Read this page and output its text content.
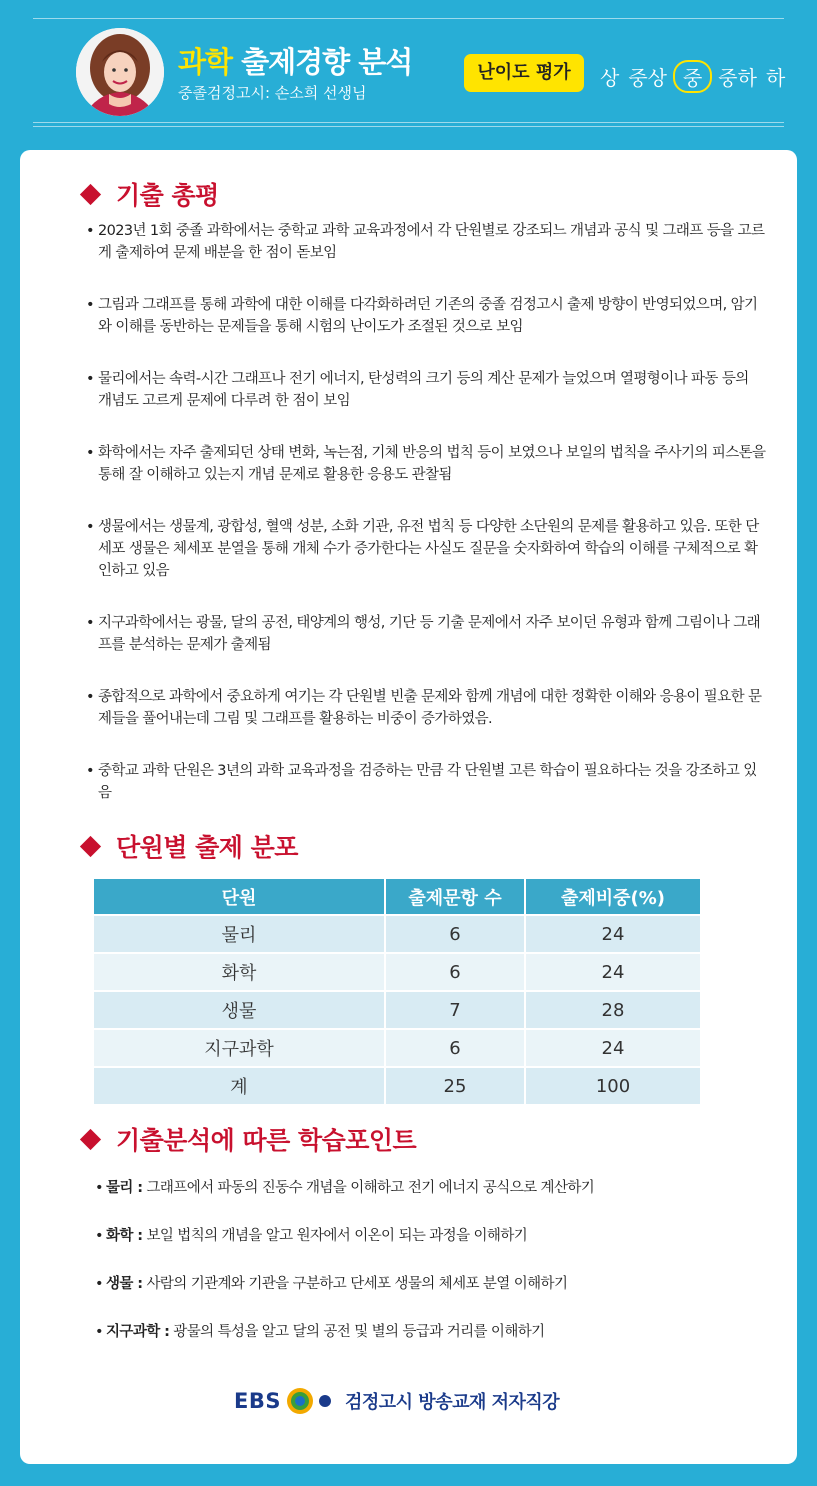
과학 출제경향 분석
중졸검정고시: 손소희 선생님
난이도 평가	상 중상 중 중하 하
기출 총평
• 2023년 1회 중졸 과학에서는 중학교 과학 교육과정에서 각 단원별로 강조되느 개념과 공식 및 그래프 등을 고르게 출제하여 문제 배분을 한 점이 돋보임
• 그림과 그래프를 통해 과학에 대한 이해를 다각화하려던 기존의 중졸 검정고시 출제 방향이 반영되었으며, 암기와 이해를 동반하는 문제들을 통해 시험의 난이도가 조절된 것으로 보임
• 물리에서는 속력-시간 그래프나 전기 에너지, 탄성력의 크기 등의 계산 문제가 늘었으며 열평형이나 파동 등의 개념도 고르게 문제에 다루려 한 점이 보임
• 화학에서는 자주 출제되던 상태 변화, 녹는점, 기체 반응의 법칙 등이 보였으나 보일의 법칙을 주사기의 피스톤을 통해 잘 이해하고 있는지 개념 문제로 활용한 응용도 관찰됨
• 생물에서는 생물계, 광합성, 혈액 성분, 소화 기관, 유전 법칙 등 다양한 소단원의 문제를 활용하고 있음. 또한 단세포 생물은 체세포 분열을 통해 개체 수가 증가한다는 사실도 질문을 숫자화하여 학습의 이해를 구체적으로 확인하고 있음
• 지구과학에서는 광물, 달의 공전, 태양계의 행성, 기단 등 기출 문제에서 자주 보이던 유형과 함께 그림이나 그래프를 분석하는 문제가 출제됨
• 종합적으로 과학에서 중요하게 여기는 각 단원별 빈출 문제와 함께 개념에 대한 정확한 이해와 응용이 필요한 문제들을 풀어내는데 그림 및 그래프를 활용하는 비중이 증가하였음.
• 중학교 과학 단원은 3년의 과학 교육과정을 검증하는 만큼 각 단원별 고른 학습이 필요하다는 것을 강조하고 있음
단원별 출제 분포
단원	출제문항 수	출제비중(%)
물리	6	24
화학	6	24
생물	7	28
지구과학	6	24
계	25	100
기출분석에 따른 학습포인트
• 물리 : 그래프에서 파동의 진동수 개념을 이해하고 전기 에너지 공식으로 계산하기
• 화학 : 보일 법칙의 개념을 알고 원자에서 이온이 되는 과정을 이해하기
• 생물 : 사람의 기관계와 기관을 구분하고 단세포 생물의 체세포 분열 이해하기
• 지구과학 : 광물의 특성을 알고 달의 공전 및 별의 등급과 거리를 이해하기
EBS	검정고시 방송교재 저자직강
